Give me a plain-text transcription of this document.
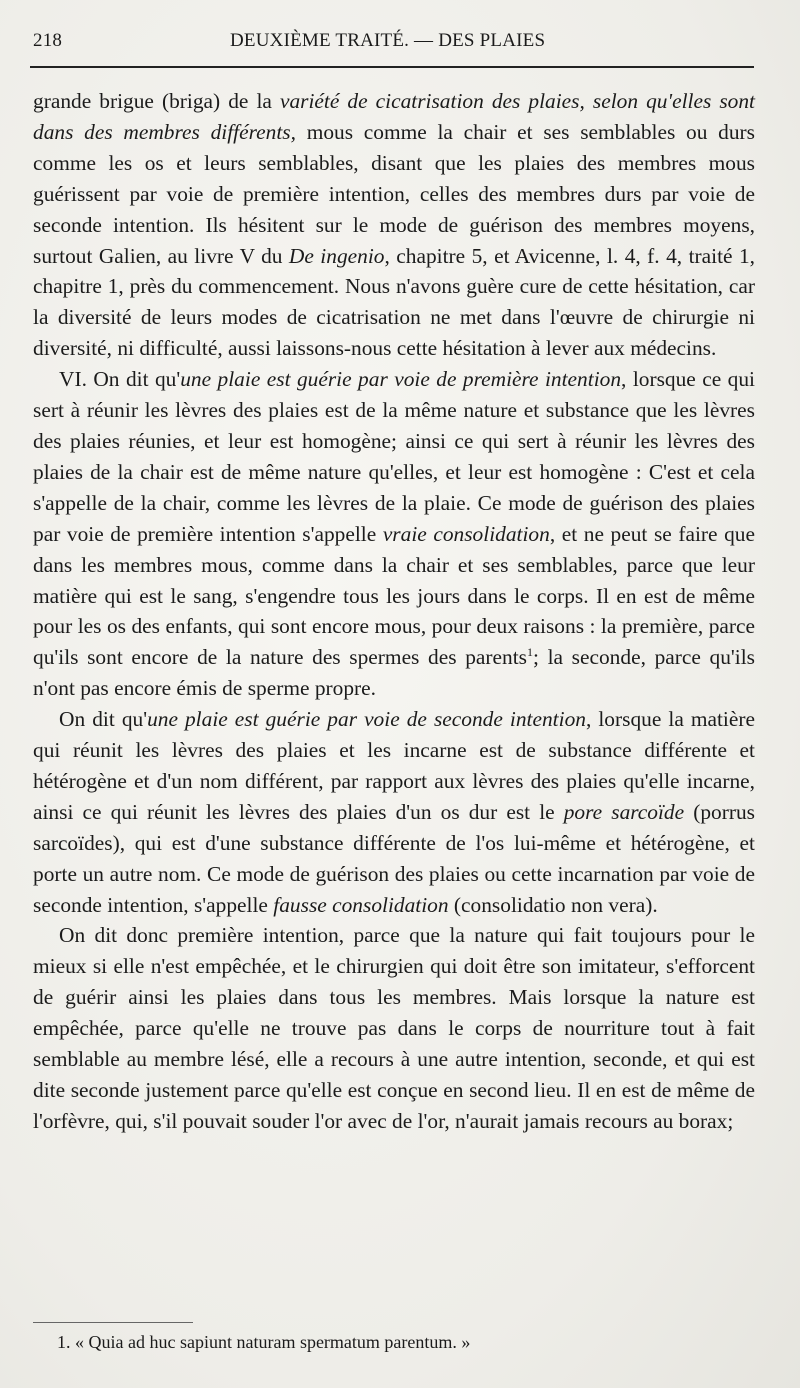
218	DEUXIÈME TRAITÉ. — DES PLAIES

grande brigue (briga) de la variété de cicatrisation des plaies, selon qu'elles sont dans des membres différents, mous comme la chair et ses semblables ou durs comme les os et leurs semblables, disant que les plaies des membres mous guérissent par voie de première intention, celles des membres durs par voie de seconde intention. Ils hésitent sur le mode de guérison des membres moyens, surtout Galien, au livre V du De ingenio, chapitre 5, et Avicenne, l. 4, f. 4, traité 1, chapitre 1, près du commencement. Nous n'avons guère cure de cette hésitation, car la diversité de leurs modes de cicatrisation ne met dans l'œuvre de chirurgie ni diversité, ni difficulté, aussi laissons-nous cette hésitation à lever aux médecins.

VI. On dit qu'une plaie est guérie par voie de première intention, lorsque ce qui sert à réunir les lèvres des plaies est de la même nature et substance que les lèvres des plaies réunies, et leur est homogène; ainsi ce qui sert à réunir les lèvres des plaies de la chair est de même nature qu'elles, et leur est homogène : C'est et cela s'appelle de la chair, comme les lèvres de la plaie. Ce mode de guérison des plaies par voie de première intention s'appelle vraie consolidation, et ne peut se faire que dans les membres mous, comme dans la chair et ses semblables, parce que leur matière qui est le sang, s'engendre tous les jours dans le corps. Il en est de même pour les os des enfants, qui sont encore mous, pour deux raisons : la première, parce qu'ils sont encore de la nature des spermes des parents$^1$; la seconde, parce qu'ils n'ont pas encore émis de sperme propre.

On dit qu'une plaie est guérie par voie de seconde intention, lorsque la matière qui réunit les lèvres des plaies et les incarne est de substance différente et hétérogène et d'un nom différent, par rapport aux lèvres des plaies qu'elle incarne, ainsi ce qui réunit les lèvres des plaies d'un os dur est le pore sarcoïde (porrus sarcoïdes), qui est d'une substance différente de l'os lui-même et hétérogène, et porte un autre nom. Ce mode de guérison des plaies ou cette incarnation par voie de seconde intention, s'appelle fausse consolidation (consolidatio non vera).

On dit donc première intention, parce que la nature qui fait toujours pour le mieux si elle n'est empêchée, et le chirurgien qui doit être son imitateur, s'efforcent de guérir ainsi les plaies dans tous les membres. Mais lorsque la nature est empêchée, parce qu'elle ne trouve pas dans le corps de nourriture tout à fait semblable au membre lésé, elle a recours à une autre intention, seconde, et qui est dite seconde justement parce qu'elle est conçue en second lieu. Il en est de même de l'orfèvre, qui, s'il pouvait souder l'or avec de l'or, n'aurait jamais recours au borax;

1. « Quia ad huc sapiunt naturam spermatum parentum. »
